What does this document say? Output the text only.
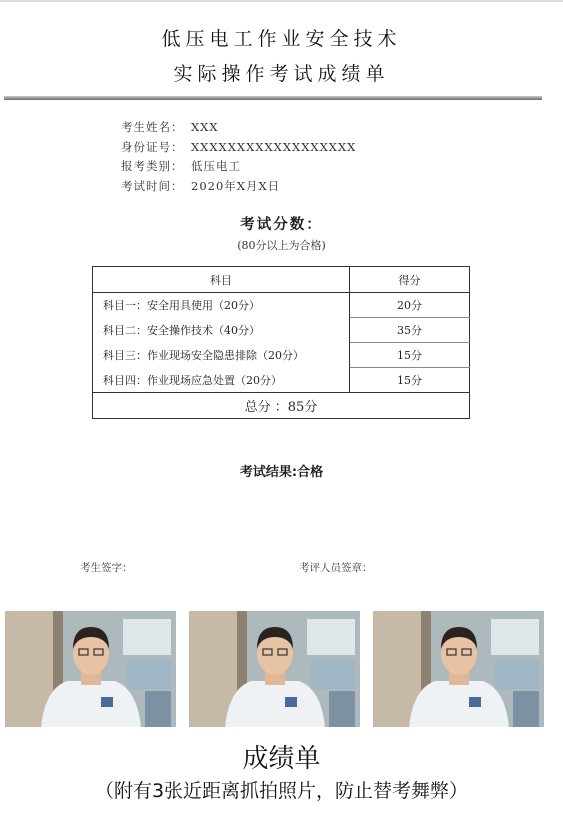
低压电工作业安全技术
实际操作考试成绩单
考生姓名： XXX
身份证号： XXXXXXXXXXXXXXXXXX
报考类别： 低压电工
考试时间： 2020年X月X日
考试分数：
(80分以上为合格)
科目	得分
科目一：安全用具使用（20分）	20分
科目二：安全操作技术（40分）	35分
科目三：作业现场安全隐患排除（20分）	15分
科目四：作业现场应急处置（20分）	15分
总分 ：85分	
考试结果:合格
考生签字：	考评人员签章：
成绩单
（附有3张近距离抓拍照片，防止替考舞弊）
